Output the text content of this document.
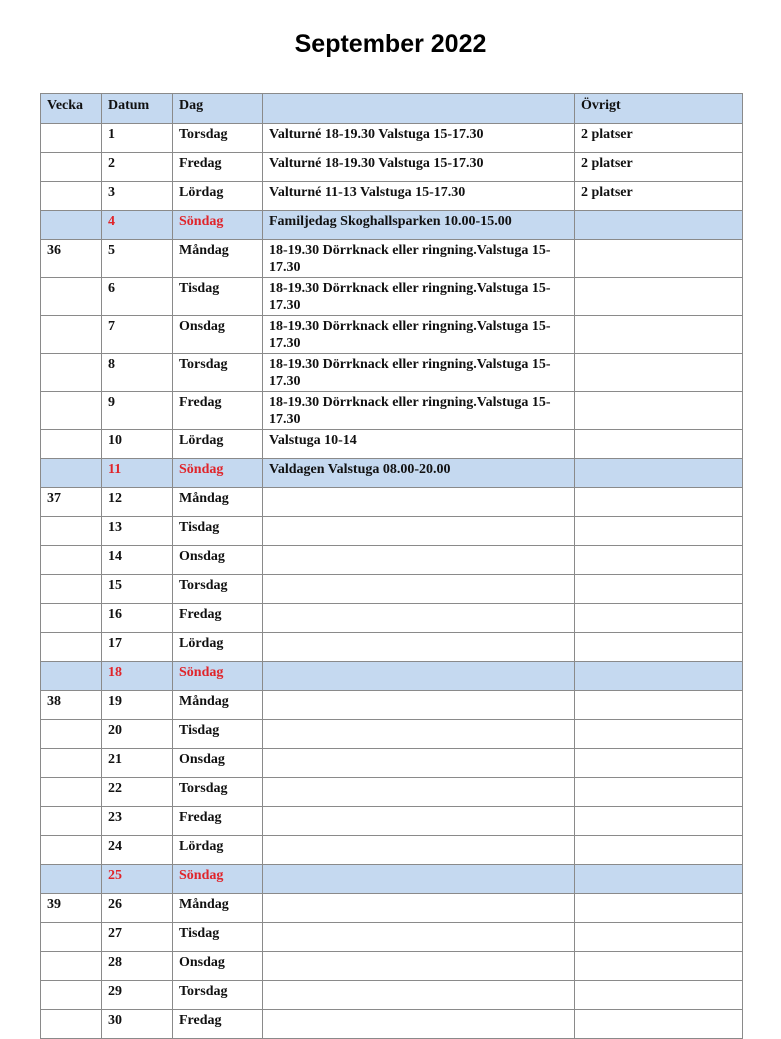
September 2022
Vecka	Datum	Dag		Övrigt
	1	Torsdag	Valturné 18-19.30 Valstuga 15-17.30	2 platser
	2	Fredag	Valturné 18-19.30 Valstuga 15-17.30	2 platser
	3	Lördag	Valturné 11-13 Valstuga 15-17.30	2 platser
	4	Söndag	Familjedag Skoghallsparken 10.00-15.00	
36	5	Måndag	18-19.30 Dörrknack eller ringning.Valstuga 15-17.30	
	6	Tisdag	18-19.30 Dörrknack eller ringning.Valstuga 15-17.30	
	7	Onsdag	18-19.30 Dörrknack eller ringning.Valstuga 15-17.30	
	8	Torsdag	18-19.30 Dörrknack eller ringning.Valstuga 15-17.30	
	9	Fredag	18-19.30 Dörrknack eller ringning.Valstuga 15-17.30	
	10	Lördag	Valstuga 10-14	
	11	Söndag	Valdagen Valstuga 08.00-20.00	
37	12	Måndag		
	13	Tisdag		
	14	Onsdag		
	15	Torsdag		
	16	Fredag		
	17	Lördag		
	18	Söndag		
38	19	Måndag		
	20	Tisdag		
	21	Onsdag		
	22	Torsdag		
	23	Fredag		
	24	Lördag		
	25	Söndag		
39	26	Måndag		
	27	Tisdag		
	28	Onsdag		
	29	Torsdag		
	30	Fredag		
